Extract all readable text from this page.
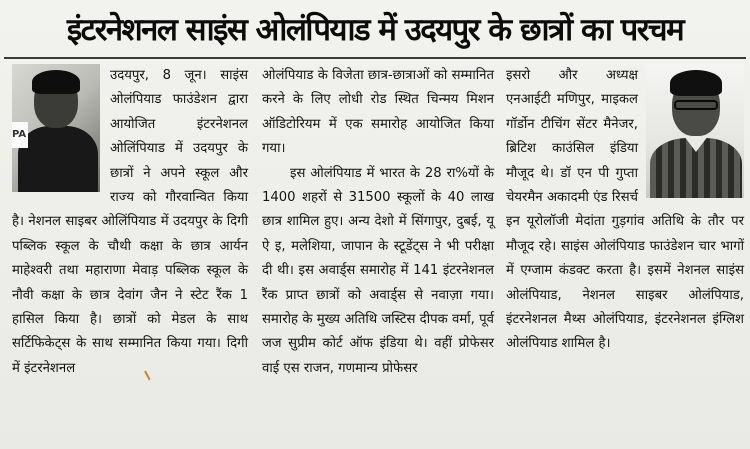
इंटरनेशनल साइंस ओलंपियाड में उदयपुर के छात्रों का परचम
PA

उदयपुर, 8 जून। साइंस ओलंपियाड फाउंडेशन द्वारा आयोजित इंटरनेशनल ओलिंपियाड में उदयपुर के छात्रों ने अपने स्कूल और राज्य को गौरवान्वित किया है। नेशनल साइबर ओलिंपियाड में उदयपुर के दिगी पब्लिक स्कूल के चौथी कक्षा के छात्र आर्यन माहेश्वरी तथा महाराणा मेवाड़ पब्लिक स्कूल के नौवी कक्षा के छात्र देवांग जैन ने स्टेट रैंक 1 हासिल किया है। छात्रों को मेडल के साथ सर्टिफिकेट्स के साथ सम्मानित किया गया। दिगी में इंटरनेशनल

ओलंपियाड के विजेता छात्र-छात्राओं को सम्मानित करने के लिए लोधी रोड स्थित चिन्मय मिशन ऑडिटोरियम में एक समारोह आयोजित किया गया।

इस ओलंपियाड में भारत के 28 रा%यों के 1400 शहरों से 31500 स्कूलों के 40 लाख छात्र शामिल हुए। अन्य देशो में सिंगापुर, दुबई, यू ऐ इ, मलेशिया, जापान के स्टूडेंट्स ने भी परीक्षा दी थी। इस अवार्ड्स समारोह में 141 इंटरनेशनल रैंक प्राप्त छात्रों को अवार्ड्स से नवाज़ा गया। समारोह के मुख्य अतिथि जस्टिस दीपक वर्मा, पूर्व जज सुप्रीम कोर्ट ऑफ इंडिया थे। वहीं प्रोफेसर वाई एस राजन, गणमान्य प्रोफेसर

इसरो और अध्यक्ष एनआईटी मणिपुर, माइकल गॉर्डोन टीचिंग सेंटर मैनेजर, ब्रिटिश काउंसिल इंडिया मौजूद थे। डॉ एन पी गुप्ता चेयरमैन अकादमी एंड रिसर्च इन यूरोलॉजी मेदांता गुड़गांव अतिथि के तौर पर मौजूद रहे। साइंस ओलंपियाड फाउंडेशन चार भागों में एग्जाम कंडक्ट करता है। इसमें नेशनल साइंस ओलंपियाड, नेशनल साइबर ओलंपियाड, इंटरनेशनल मैथ्स ओलंपियाड, इंटरनेशनल इंग्लिश ओलंपियाड शामिल है।
